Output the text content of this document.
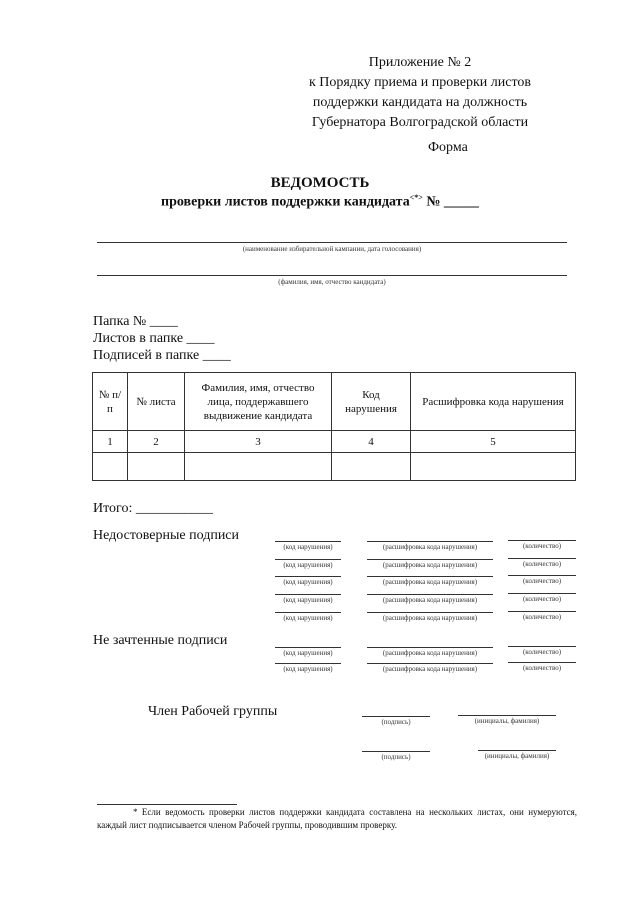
Приложение № 2
к Порядку приема и проверки листов
поддержки кандидата на должность
Губернатора Волгоградской области
Форма
ВЕДОМОСТЬ
проверки листов поддержки кандидата<*> № _____
(наименование избирательной кампании, дата голосования)
(фамилия, имя, отчество кандидата)
Папка № ____
Листов в папке ____
Подписей в папке ____
№ п/п	№ листа	Фамилия, имя, отчество лица, поддержавшего выдвижение кандидата	Код нарушения	Расшифровка кода нарушения
1	2	3	4	5

Итого: ___________
Недостоверные подписи
(код нарушения)	(расшифровка кода нарушения)	(количество)
(код нарушения)	(расшифровка кода нарушения)	(количество)
(код нарушения)	(расшифровка кода нарушения)	(количество)
(код нарушения)	(расшифровка кода нарушения)	(количество)
(код нарушения)	(расшифровка кода нарушения)	(количество)
Не зачтенные подписи
(код нарушения)	(расшифровка кода нарушения)	(количество)
(код нарушения)	(расшифровка кода нарушения)	(количество)
Член Рабочей группы
(подпись)	(инициалы, фамилия)
(подпись)	(инициалы, фамилия)
* Если ведомость проверки листов поддержки кандидата составлена на нескольких листах, они нумеруются, каждый лист подписывается членом Рабочей группы, проводившим проверку.
